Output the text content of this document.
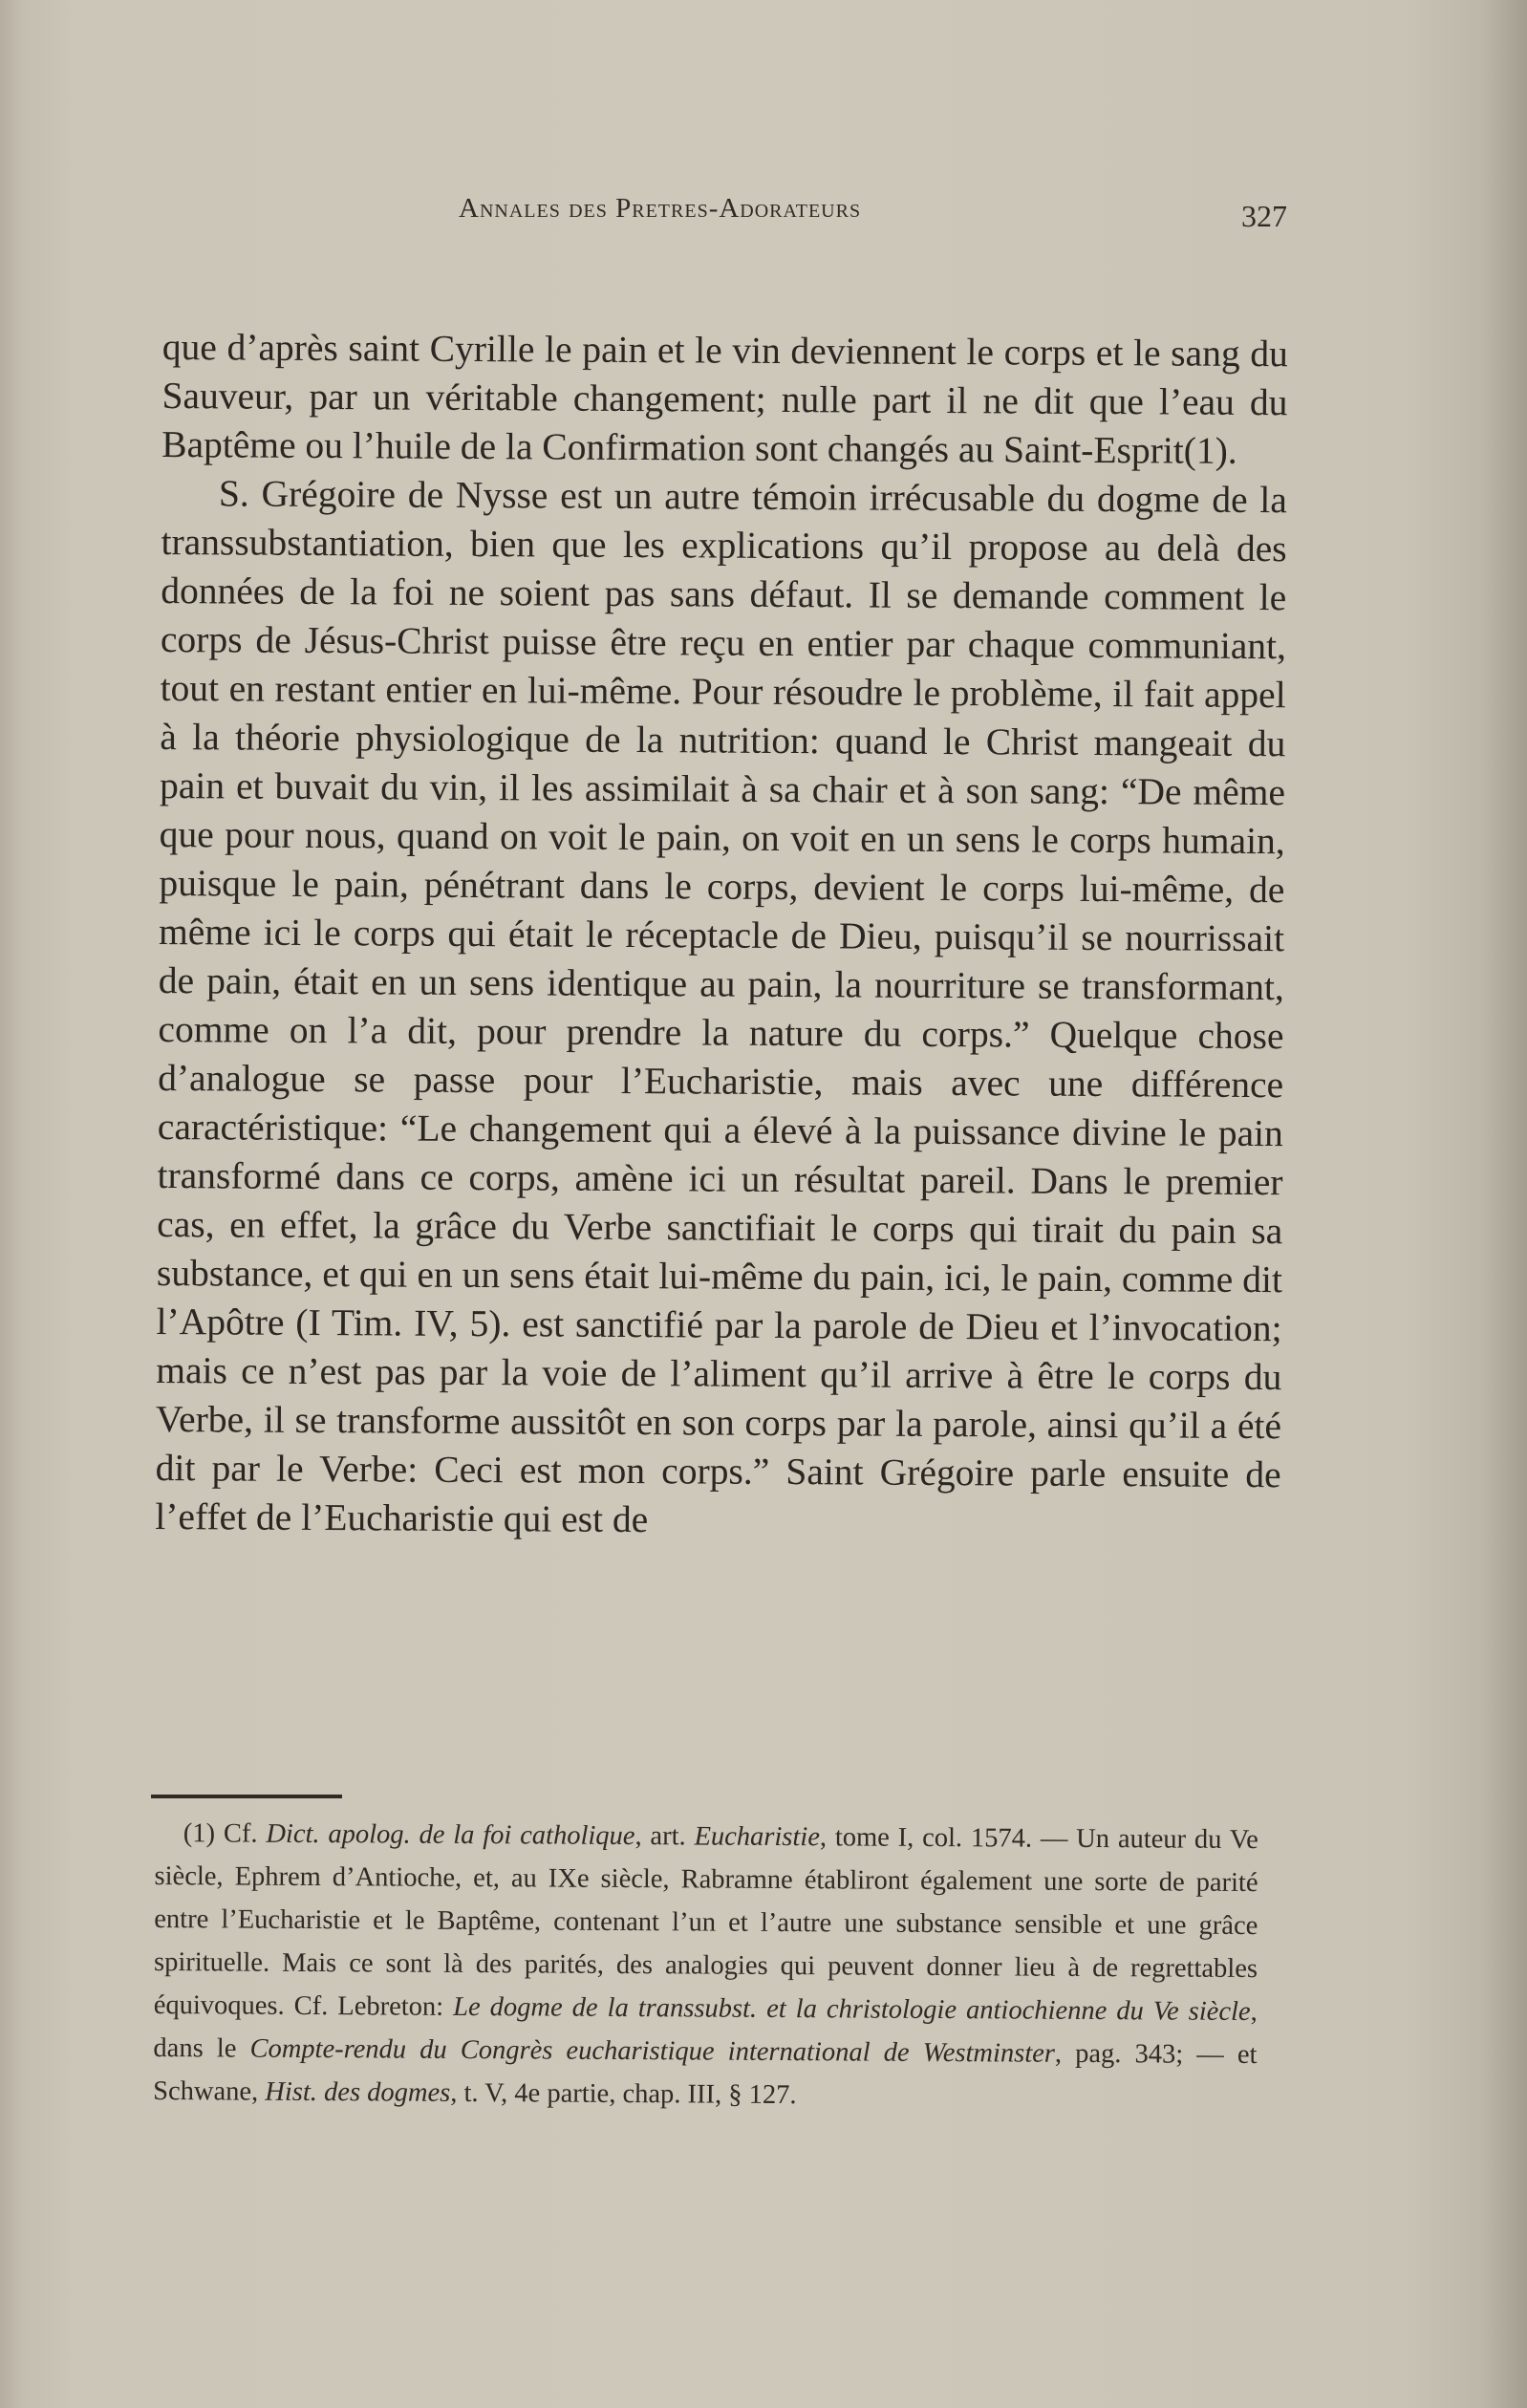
Annales des Pretres-Adorateurs	327

que d’après saint Cyrille le pain et le vin deviennent le corps et le sang du Sauveur, par un véritable changement; nulle part il ne dit que l’eau du Baptême ou l’huile de la Confirmation sont changés au Saint-Esprit(1).

S. Grégoire de Nysse est un autre témoin irrécusable du dogme de la transsubstantiation, bien que les explications qu’il propose au delà des données de la foi ne soient pas sans défaut. Il se demande comment le corps de Jésus-Christ puisse être reçu en entier par chaque communiant, tout en restant entier en lui-même. Pour résoudre le problème, il fait appel à la théorie physiologique de la nutrition: quand le Christ mangeait du pain et buvait du vin, il les assimilait à sa chair et à son sang: “De même que pour nous, quand on voit le pain, on voit en un sens le corps humain, puisque le pain, pénétrant dans le corps, devient le corps lui-même, de même ici le corps qui était le réceptacle de Dieu, puisqu’il se nourrissait de pain, était en un sens identique au pain, la nourriture se transformant, comme on l’a dit, pour prendre la nature du corps.” Quelque chose d’analogue se passe pour l’Eucharistie, mais avec une différence caractéristique: “Le changement qui a élevé à la puissance divine le pain transformé dans ce corps, amène ici un résultat pareil. Dans le premier cas, en effet, la grâce du Verbe sanctifiait le corps qui tirait du pain sa substance, et qui en un sens était lui-même du pain, ici, le pain, comme dit l’Apôtre (I Tim. IV, 5). est sanctifié par la parole de Dieu et l’invocation; mais ce n’est pas par la voie de l’aliment qu’il arrive à être le corps du Verbe, il se transforme aussitôt en son corps par la parole, ainsi qu’il a été dit par le Verbe: Ceci est mon corps.” Saint Grégoire parle ensuite de l’effet de l’Eucharistie qui est de

(1) Cf. Dict. apolog. de la foi catholique, art. Eucharistie, tome I, col. 1574. — Un auteur du Ve siècle, Ephrem d’Antioche, et, au IXe siècle, Rabramne établiront également une sorte de parité entre l’Eucharistie et le Baptême, contenant l’un et l’autre une substance sensible et une grâce spirituelle. Mais ce sont là des parités, des analogies qui peuvent donner lieu à de regrettables équivoques. Cf. Lebreton: Le dogme de la transsubst. et la christologie antiochienne du Ve siècle, dans le Compte-rendu du Congrès eucharistique international de Westminster, pag. 343; — et Schwane, Hist. des dogmes, t. V, 4e partie, chap. III, § 127.
